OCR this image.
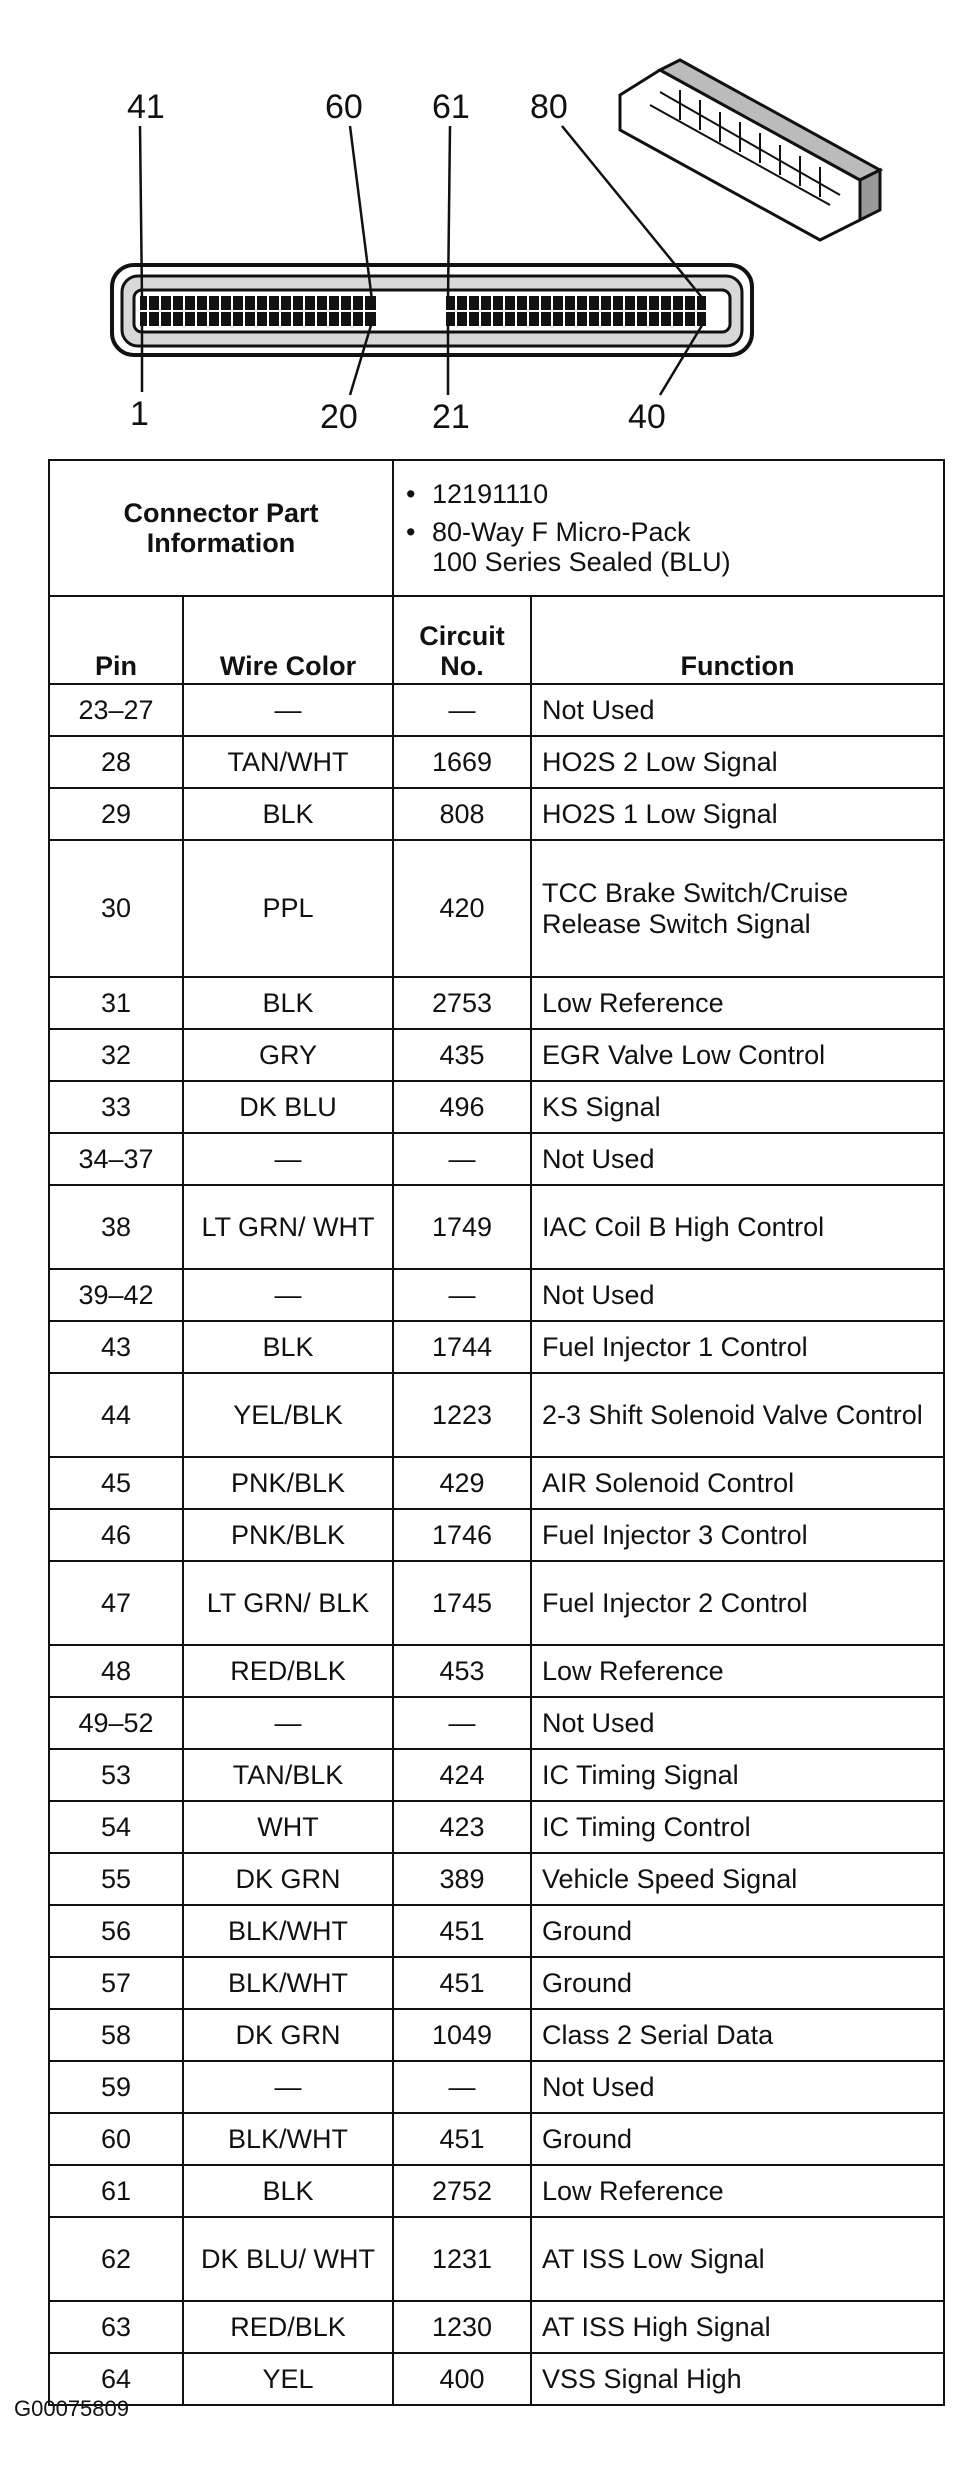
41	60 61 80
1	20 21	40
Connector Part Information		• 12191110
• 80-Way F Micro-Pack
100 Series Sealed (BLU)	

Pin	Wire Color	Circuit No.	Function
23–27	—	—	Not Used
28	TAN/WHT	1669	HO2S 2 Low Signal
29	BLK	808	HO2S 1 Low Signal
30	PPL	420	TCC Brake Switch/Cruise Release Switch Signal
31	BLK	2753	Low Reference
32	GRY	435	EGR Valve Low Control
33	DK BLU	496	KS Signal
34–37	—	—	Not Used
38	LT GRN/ WHT	1749	IAC Coil B High Control
39–42	—	—	Not Used
43	BLK	1744	Fuel Injector 1 Control
44	YEL/BLK	1223	2-3 Shift Solenoid Valve Control
45	PNK/BLK	429	AIR Solenoid Control
46	PNK/BLK	1746	Fuel Injector 3 Control
47	LT GRN/ BLK	1745	Fuel Injector 2 Control
48	RED/BLK	453	Low Reference
49–52	—	—	Not Used
53	TAN/BLK	424	IC Timing Signal
54	WHT	423	IC Timing Control
55	DK GRN	389	Vehicle Speed Signal
56	BLK/WHT	451	Ground
57	BLK/WHT	451	Ground
58	DK GRN	1049	Class 2 Serial Data
59	—	—	Not Used
60	BLK/WHT	451	Ground
61	BLK	2752	Low Reference
62	DK BLU/ WHT	1231	AT ISS Low Signal
63	RED/BLK	1230	AT ISS High Signal
64	YEL	400	VSS Signal High
G00075809
